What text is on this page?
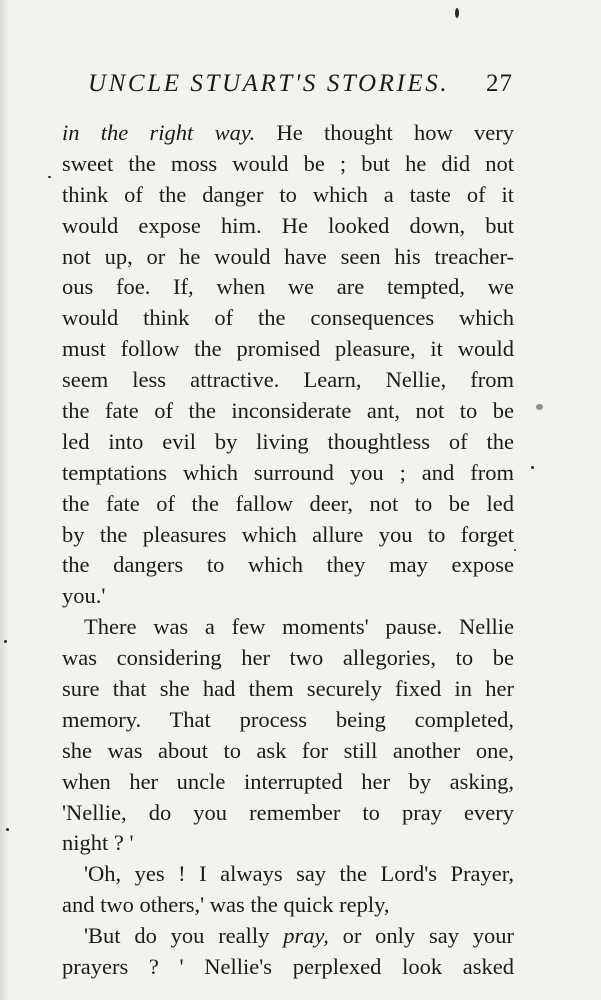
UNCLE STUART'S STORIES. 27
in the right way. He thought how very
sweet the moss would be ; but he did not
think of the danger to which a taste of it
would expose him. He looked down, but
not up, or he would have seen his treacher-
ous foe. If, when we are tempted, we
would think of the consequences which
must follow the promised pleasure, it would
seem less attractive. Learn, Nellie, from
the fate of the inconsiderate ant, not to be
led into evil by living thoughtless of the
temptations which surround you ; and from
the fate of the fallow deer, not to be led
by the pleasures which allure you to forget
the dangers to which they may expose
you.'
There was a few moments' pause. Nellie
was considering her two allegories, to be
sure that she had them securely fixed in her
memory. That process being completed,
she was about to ask for still another one,
when her uncle interrupted her by asking,
'Nellie, do you remember to pray every
night ? '
'Oh, yes ! I always say the Lord's Prayer,
and two others,' was the quick reply,
'But do you really pray, or only say your
prayers ? ' Nellie's perplexed look asked
